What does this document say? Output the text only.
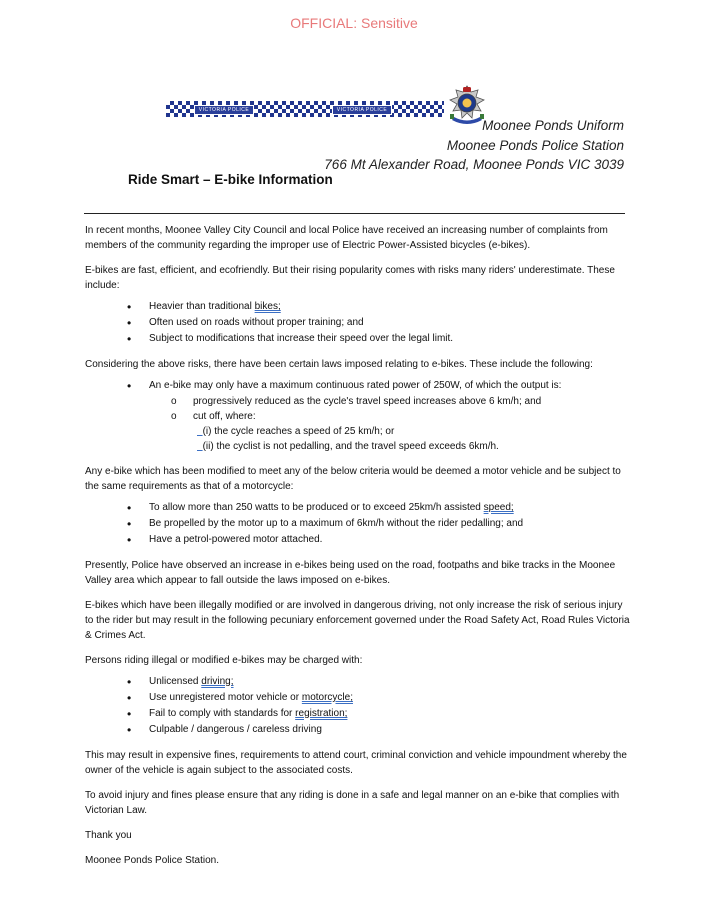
OFFICIAL: Sensitive
VICTORIA POLICE	VICTORIA POLICE
Moonee Ponds Uniform
Moonee Ponds Police Station
766 Mt Alexander Road, Moonee Ponds VIC 3039
Ride Smart – E-bike Information

In recent months, Moonee Valley City Council and local Police have received an increasing number of complaints from members of the community regarding the improper use of Electric Power-Assisted bicycles (e-bikes).

E-bikes are fast, efficient, and ecofriendly. But their rising popularity comes with risks many riders' underestimate. These include:

• Heavier than traditional bikes;
• Often used on roads without proper training; and
• Subject to modifications that increase their speed over the legal limit.

Considering the above risks, there have been certain laws imposed relating to e-bikes. These include the following:

• An e-bike may only have a maximum continuous rated power of 250W, of which the output is:
o progressively reduced as the cycle's travel speed increases above 6 km/h; and
o cut off, where:
(i) the cycle reaches a speed of 25 km/h; or
(ii) the cyclist is not pedalling, and the travel speed exceeds 6km/h.

Any e-bike which has been modified to meet any of the below criteria would be deemed a motor vehicle and be subject to the same requirements as that of a motorcycle:

• To allow more than 250 watts to be produced or to exceed 25km/h assisted speed;
• Be propelled by the motor up to a maximum of 6km/h without the rider pedalling; and
• Have a petrol-powered motor attached.

Presently, Police have observed an increase in e-bikes being used on the road, footpaths and bike tracks in the Moonee Valley area which appear to fall outside the laws imposed on e-bikes.

E-bikes which have been illegally modified or are involved in dangerous driving, not only increase the risk of serious injury to the rider but may result in the following pecuniary enforcement governed under the Road Safety Act, Road Rules Victoria & Crimes Act.

Persons riding illegal or modified e-bikes may be charged with:

• Unlicensed driving;
• Use unregistered motor vehicle or motorcycle;
• Fail to comply with standards for registration;
• Culpable / dangerous / careless driving

This may result in expensive fines, requirements to attend court, criminal conviction and vehicle impoundment whereby the owner of the vehicle is again subject to the associated costs.

To avoid injury and fines please ensure that any riding is done in a safe and legal manner on an e-bike that complies with Victorian Law.

Thank you

Moonee Ponds Police Station.
